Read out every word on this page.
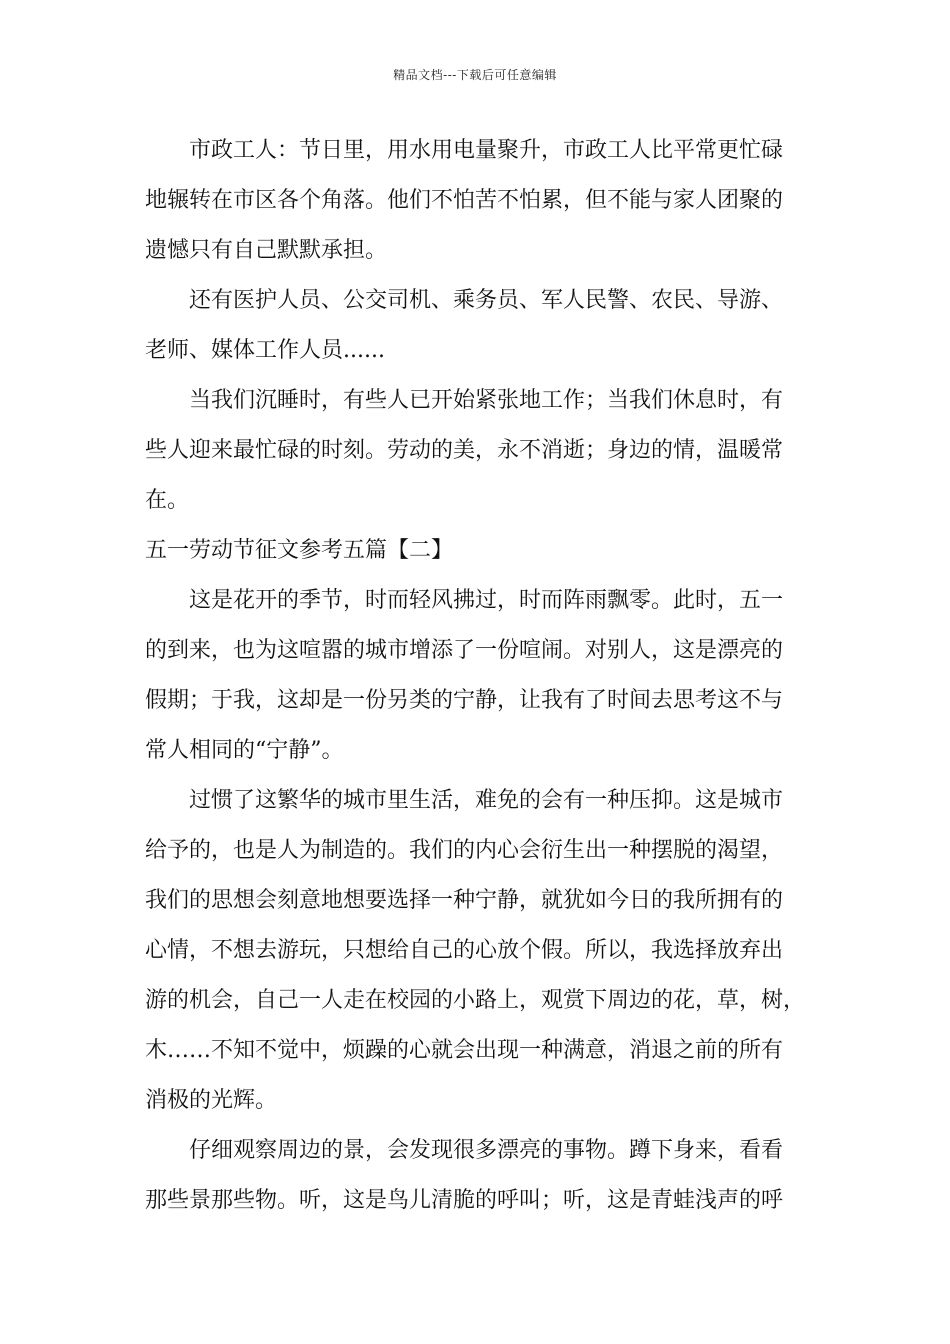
精品文档---下载后可任意编辑

市政工人：节日里，用水用电量聚升，市政工人比平常更忙碌
地辗转在市区各个角落。他们不怕苦不怕累，但不能与家人团聚的
遗憾只有自己默默承担。

还有医护人员、公交司机、乘务员、军人民警、农民、导游、
老师、媒体工作人员......

当我们沉睡时，有些人已开始紧张地工作；当我们休息时，有
些人迎来最忙碌的时刻。劳动的美，永不消逝；身边的情，温暖常
在。

五一劳动节征文参考五篇【二】

这是花开的季节，时而轻风拂过，时而阵雨飘零。此时，五一
的到来，也为这喧嚣的城市增添了一份喧闹。对别人，这是漂亮的
假期；于我，这却是一份另类的宁静，让我有了时间去思考这不与
常人相同的“宁静”。

过惯了这繁华的城市里生活，难免的会有一种压抑。这是城市
给予的，也是人为制造的。我们的内心会衍生出一种摆脱的渴望，
我们的思想会刻意地想要选择一种宁静，就犹如今日的我所拥有的
心情，不想去游玩，只想给自己的心放个假。所以，我选择放弃出
游的机会，自己一人走在校园的小路上，观赏下周边的花，草，树，
木……不知不觉中，烦躁的心就会出现一种满意，消退之前的所有
消极的光辉。

仔细观察周边的景，会发现很多漂亮的事物。蹲下身来，看看
那些景那些物。听，这是鸟儿清脆的呼叫；听，这是青蛙浅声的呼
